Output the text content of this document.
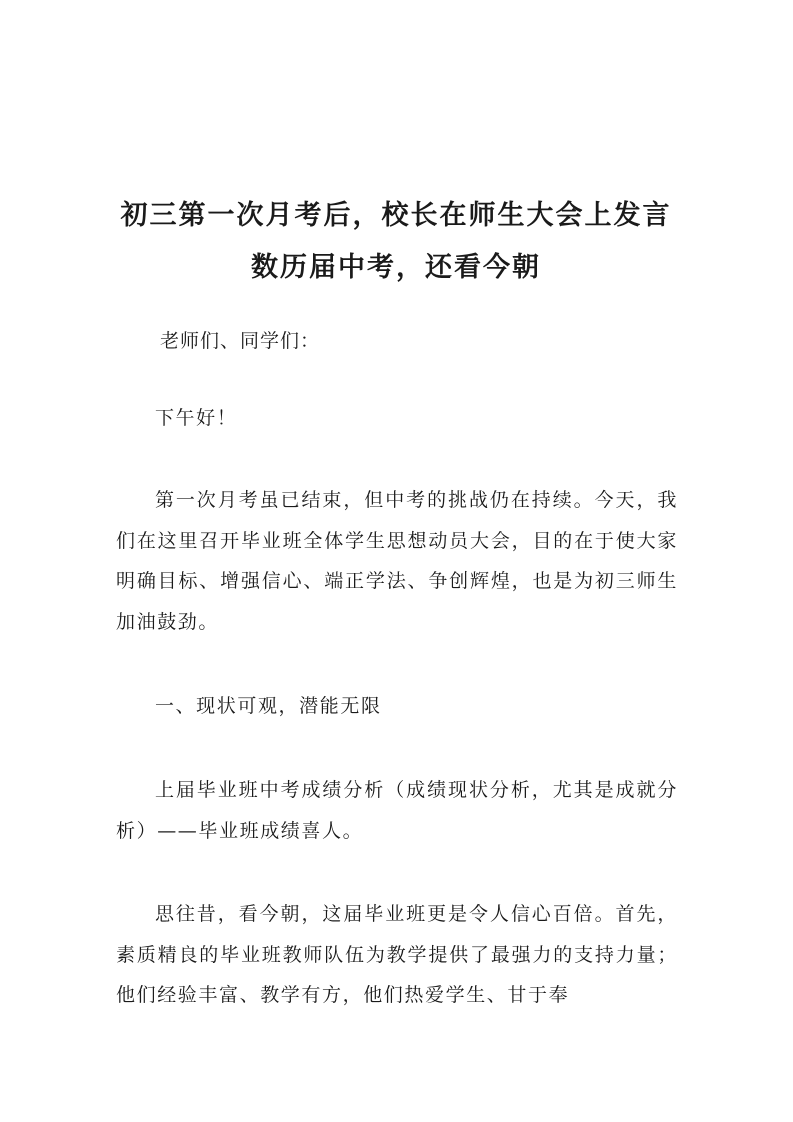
初三第一次月考后，校长在师生大会上发言
数历届中考，还看今朝
老师们、同学们：
下午好！
第一次月考虽已结束，但中考的挑战仍在持续。今天，我们在这里召开毕业班全体学生思想动员大会，目的在于使大家明确目标、增强信心、端正学法、争创辉煌，也是为初三师生加油鼓劲。
一、现状可观，潜能无限
上届毕业班中考成绩分析（成绩现状分析，尤其是成就分析）——毕业班成绩喜人。
思往昔，看今朝，这届毕业班更是令人信心百倍。首先，素质精良的毕业班教师队伍为教学提供了最强力的支持力量；他们经验丰富、教学有方，他们热爱学生、甘于奉
